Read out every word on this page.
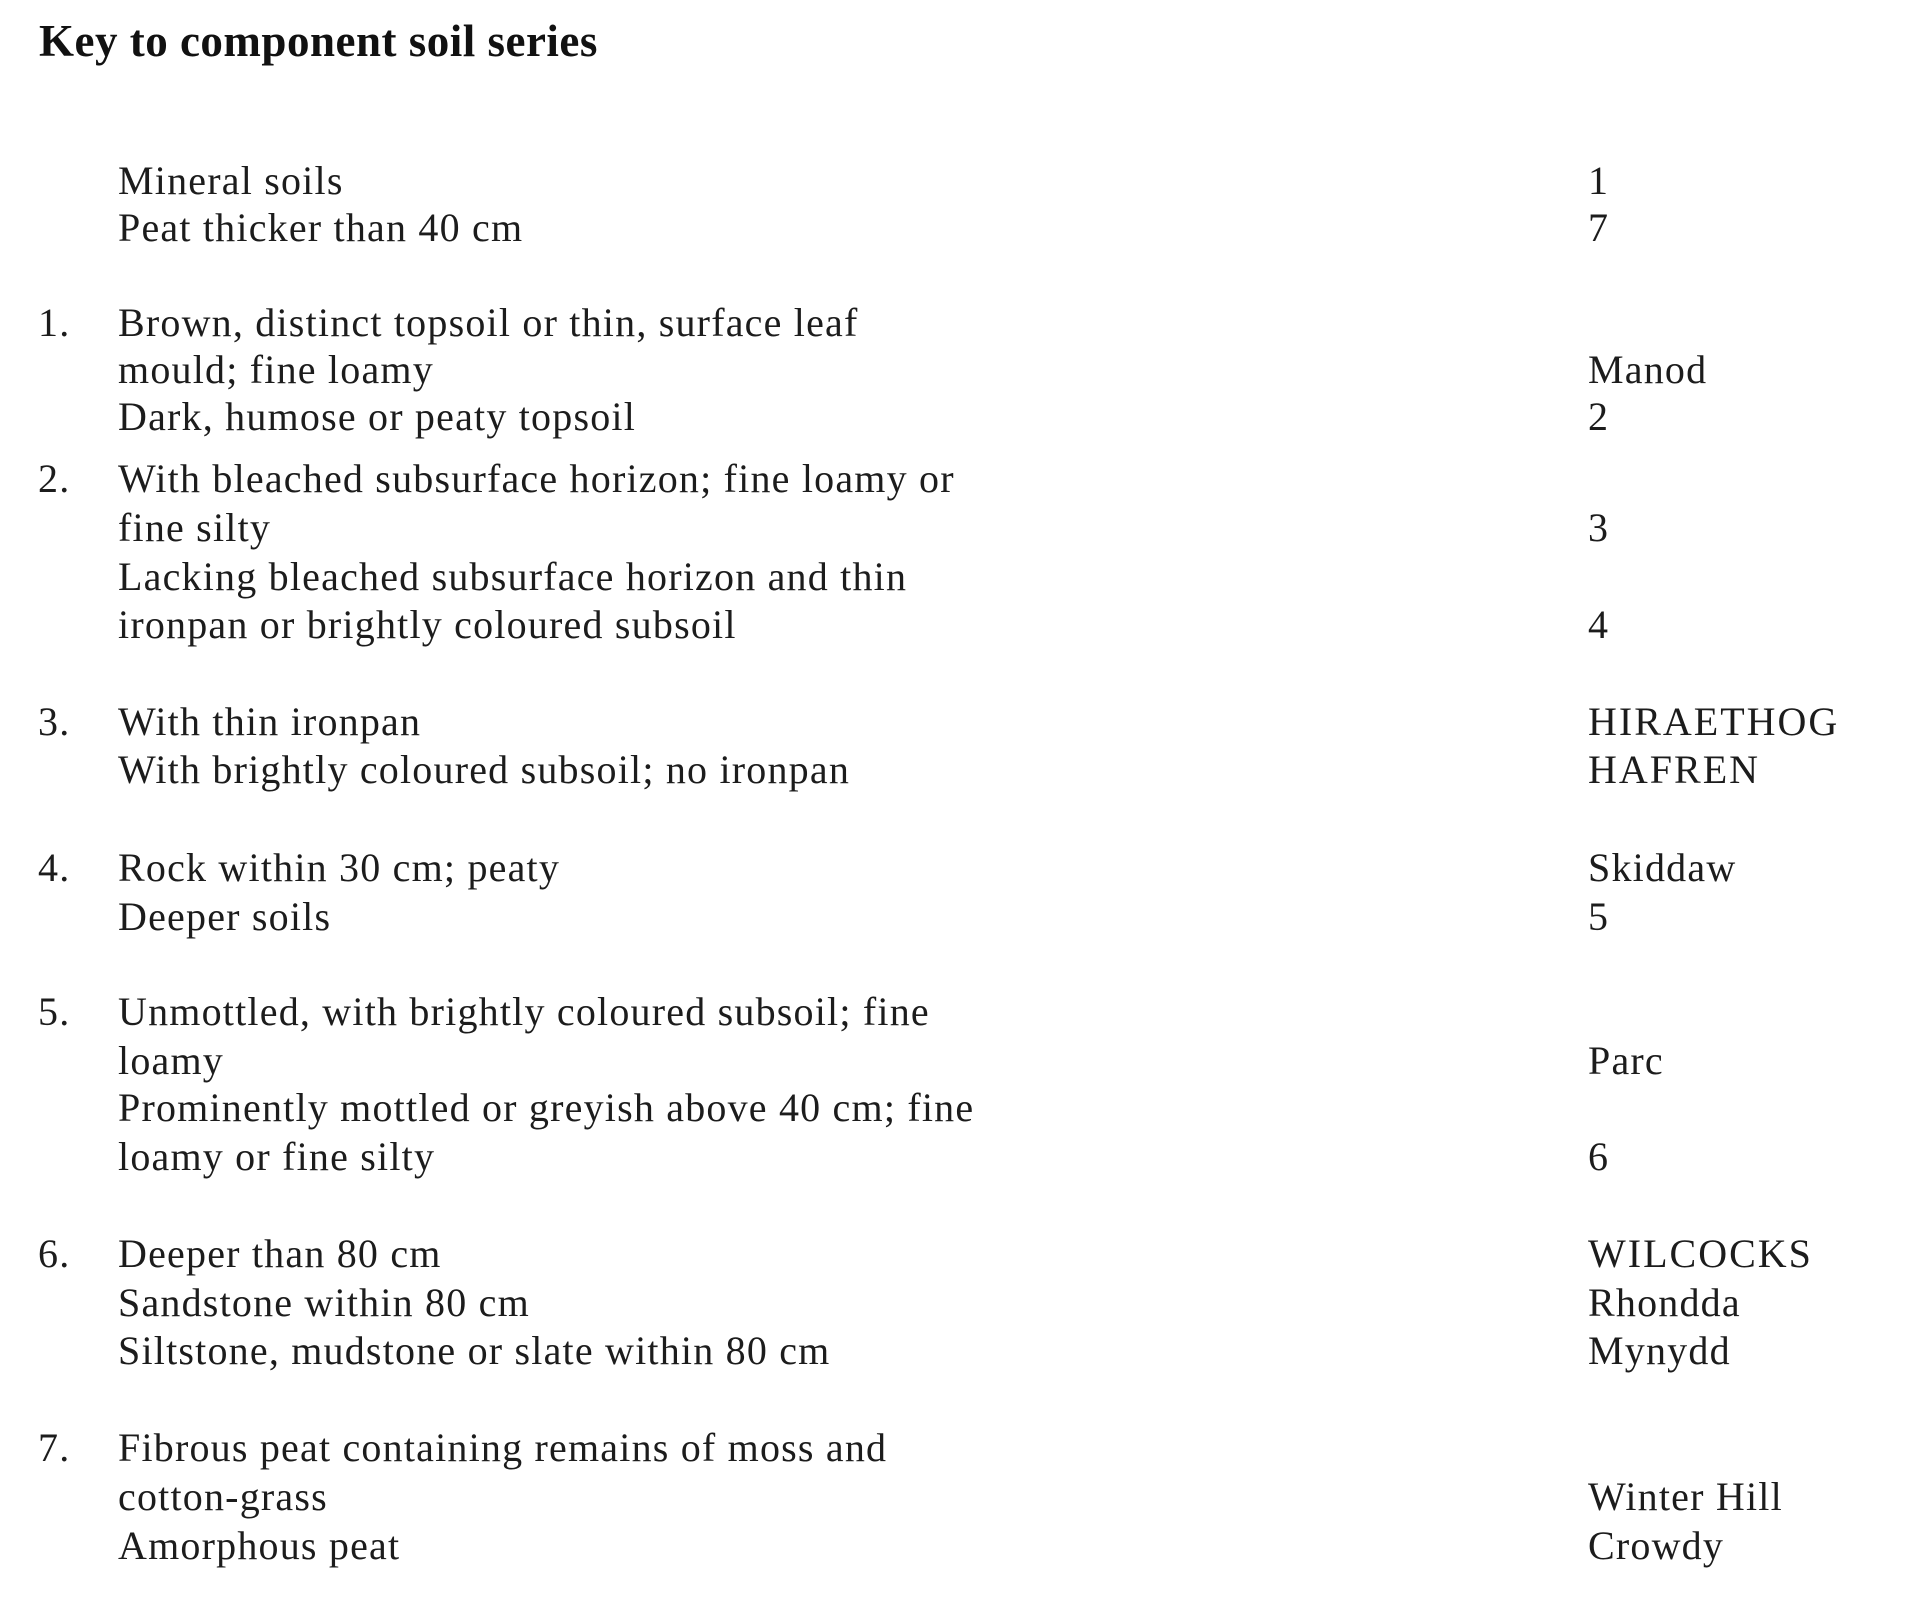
Key to component soil series
Mineral soils	1
Peat thicker than 40 cm	7
1. Brown, distinct topsoil or thin, surface leaf
mould; fine loamy	Manod
Dark, humose or peaty topsoil	2
2. With bleached subsurface horizon; fine loamy or
fine silty	3
Lacking bleached subsurface horizon and thin
ironpan or brightly coloured subsoil	4
3. With thin ironpan	HIRAETHOG
With brightly coloured subsoil; no ironpan	HAFREN
4. Rock within 30 cm; peaty	Skiddaw
Deeper soils	5
5. Unmottled, with brightly coloured subsoil; fine
loamy	Parc
Prominently mottled or greyish above 40 cm; fine
loamy or fine silty	6
6. Deeper than 80 cm	WILCOCKS
Sandstone within 80 cm	Rhondda
Siltstone, mudstone or slate within 80 cm	Mynydd
7. Fibrous peat containing remains of moss and
cotton-grass	Winter Hill
Amorphous peat	Crowdy
